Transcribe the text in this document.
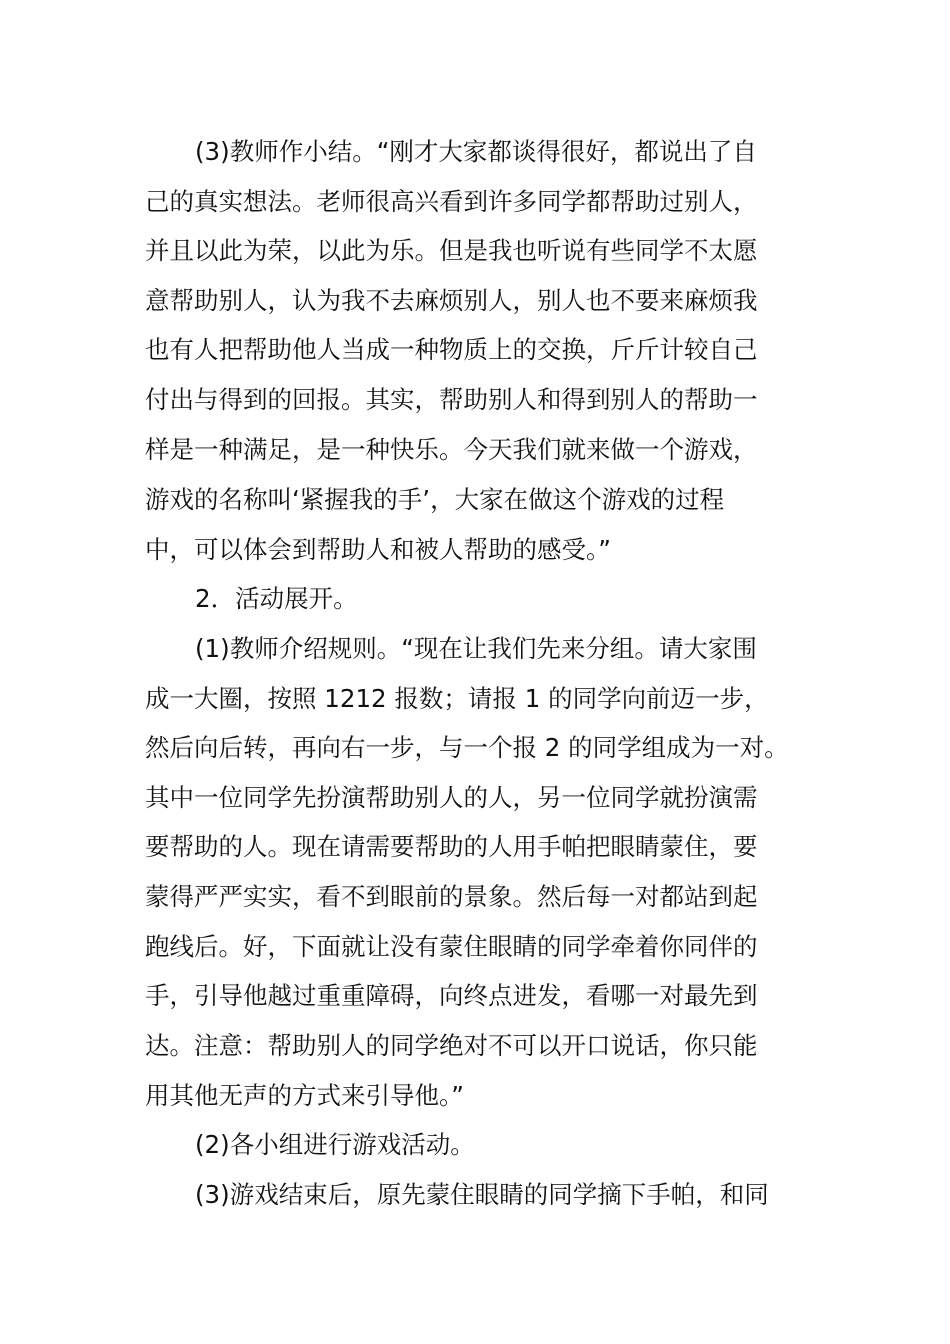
(3)教师作小结。“刚才大家都谈得很好，都说出了自
己的真实想法。老师很高兴看到许多同学都帮助过别人，
并且以此为荣，以此为乐。但是我也听说有些同学不太愿
意帮助别人，认为我不去麻烦别人，别人也不要来麻烦我
也有人把帮助他人当成一种物质上的交换，斤斤计较自己
付出与得到的回报。其实，帮助别人和得到别人的帮助一
样是一种满足，是一种快乐。今天我们就来做一个游戏，
游戏的名称叫‘紧握我的手’，大家在做这个游戏的过程
中，可以体会到帮助人和被人帮助的感受。”
2．活动展开。
(1)教师介绍规则。“现在让我们先来分组。请大家围
成一大圈，按照 1212 报数；请报 1 的同学向前迈一步，
然后向后转，再向右一步，与一个报 2 的同学组成为一对。
其中一位同学先扮演帮助别人的人，另一位同学就扮演需
要帮助的人。现在请需要帮助的人用手帕把眼睛蒙住，要
蒙得严严实实，看不到眼前的景象。然后每一对都站到起
跑线后。好，下面就让没有蒙住眼睛的同学牵着你同伴的
手，引导他越过重重障碍，向终点进发，看哪一对最先到
达。注意：帮助别人的同学绝对不可以开口说话，你只能
用其他无声的方式来引导他。”
(2)各小组进行游戏活动。
(3)游戏结束后，原先蒙住眼睛的同学摘下手帕，和同
